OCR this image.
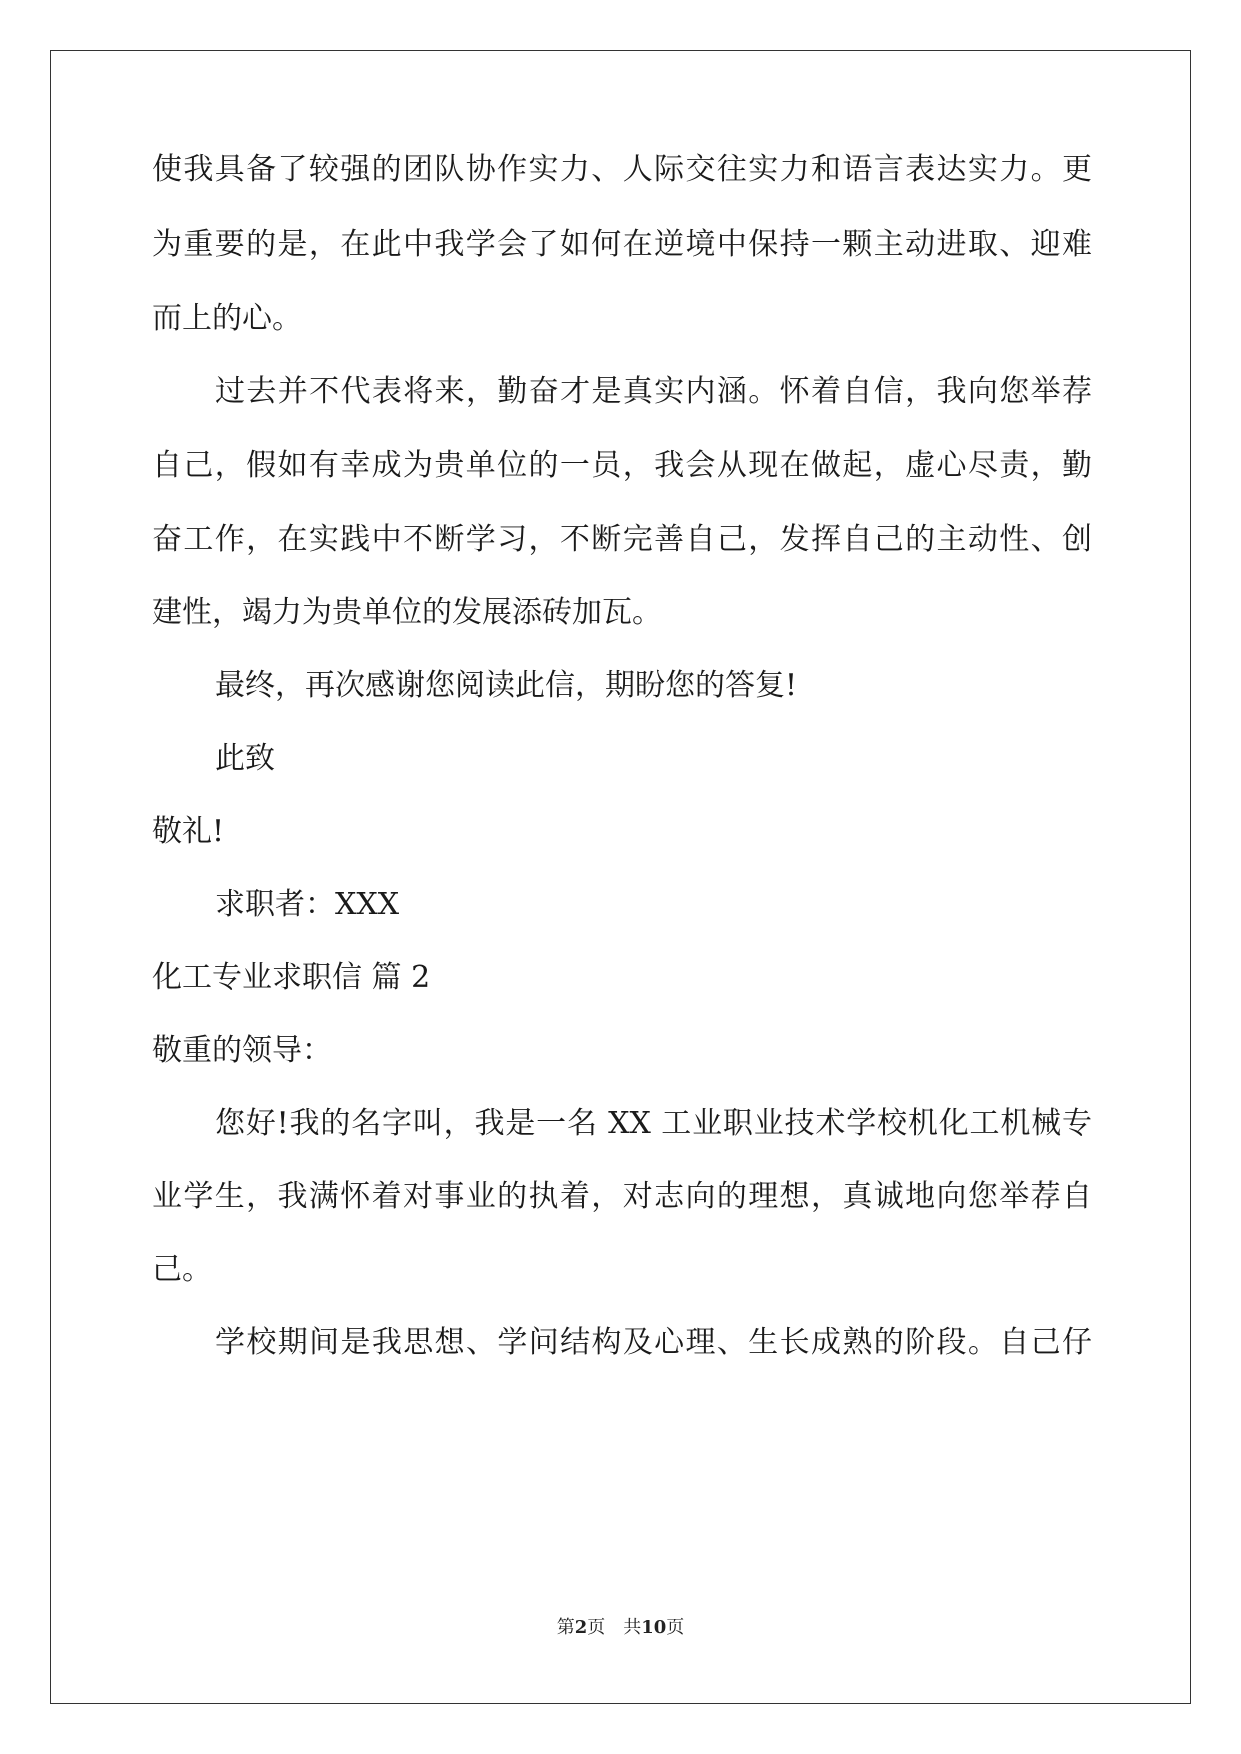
使我具备了较强的团队协作实力、人际交往实力和语言表达实力。更
为重要的是，在此中我学会了如何在逆境中保持一颗主动进取、迎难
而上的心。
过去并不代表将来，勤奋才是真实内涵。怀着自信，我向您举荐
自己，假如有幸成为贵单位的一员，我会从现在做起，虚心尽责，勤
奋工作，在实践中不断学习，不断完善自己，发挥自己的主动性、创
建性，竭力为贵单位的发展添砖加瓦。
最终，再次感谢您阅读此信，期盼您的答复!
此致
敬礼!
求职者：XXX
化工专业求职信 篇 2
敬重的领导：
您好!我的名字叫，我是一名 XX 工业职业技术学校机化工机械专
业学生，我满怀着对事业的执着，对志向的理想，真诚地向您举荐自
己。
学校期间是我思想、学问结构及心理、生长成熟的阶段。自己仔
第2页 共10页
